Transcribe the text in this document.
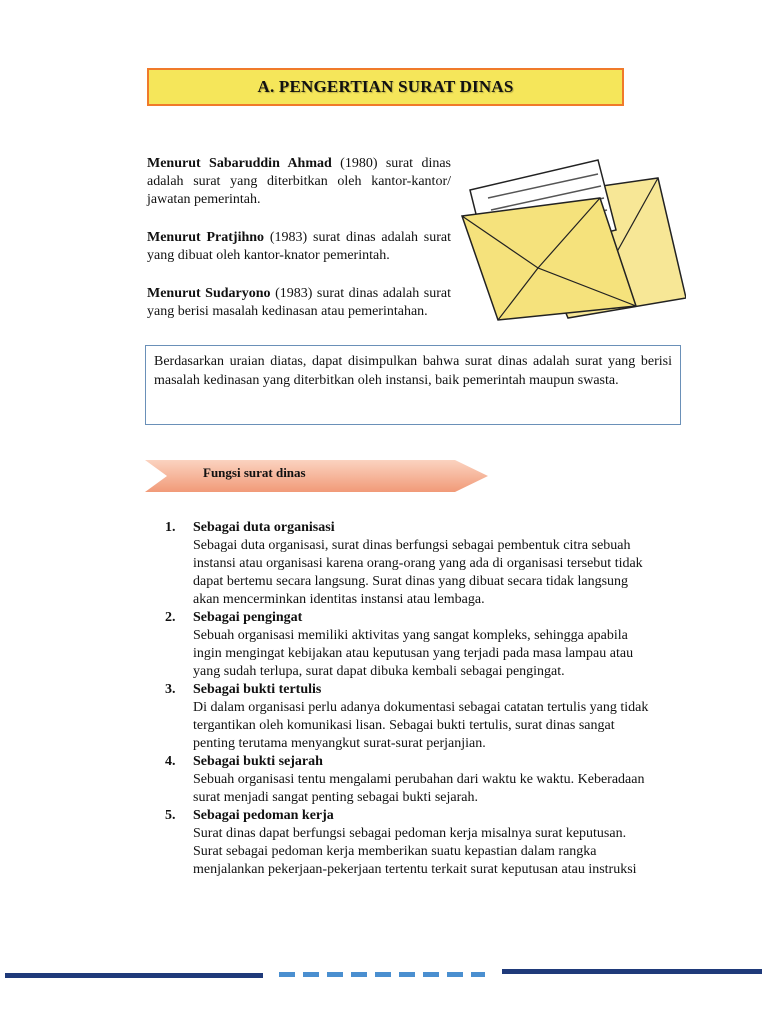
A. PENGERTIAN SURAT DINAS
Menurut Sabaruddin Ahmad (1980) surat dinas adalah surat yang diterbitkan oleh kantor-kantor/ jawatan pemerintah.
Menurut Pratjihno (1983) surat dinas adalah surat yang dibuat oleh kantor-knator pemerintah.
Menurut Sudaryono (1983) surat dinas adalah surat yang berisi masalah kedinasan atau pemerintahan.
Berdasarkan uraian diatas, dapat disimpulkan bahwa surat dinas adalah surat yang berisi masalah kedinasan yang diterbitkan oleh instansi, baik pemerintah maupun swasta.
Fungsi surat dinas
1. Sebagai duta organisasi
Sebagai duta organisasi, surat dinas berfungsi sebagai pembentuk citra sebuah instansi atau organisasi karena orang-orang yang ada di organisasi tersebut tidak dapat bertemu secara langsung. Surat dinas yang dibuat secara tidak langsung akan mencerminkan identitas instansi atau lembaga.
2. Sebagai pengingat
Sebuah organisasi memiliki aktivitas yang sangat kompleks, sehingga apabila ingin mengingat kebijakan atau keputusan yang terjadi pada masa lampau atau yang sudah terlupa, surat dapat dibuka kembali sebagai pengingat.
3. Sebagai bukti tertulis
Di dalam organisasi perlu adanya dokumentasi sebagai catatan tertulis yang tidak tergantikan oleh komunikasi lisan. Sebagai bukti tertulis, surat dinas sangat penting terutama menyangkut surat-surat perjanjian.
4. Sebagai bukti sejarah
Sebuah organisasi tentu mengalami perubahan dari waktu ke waktu. Keberadaan surat menjadi sangat penting sebagai bukti sejarah.
5. Sebagai pedoman kerja
Surat dinas dapat berfungsi sebagai pedoman kerja misalnya surat keputusan. Surat sebagai pedoman kerja memberikan suatu kepastian dalam rangka menjalankan pekerjaan-pekerjaan tertentu terkait surat keputusan atau instruksi
